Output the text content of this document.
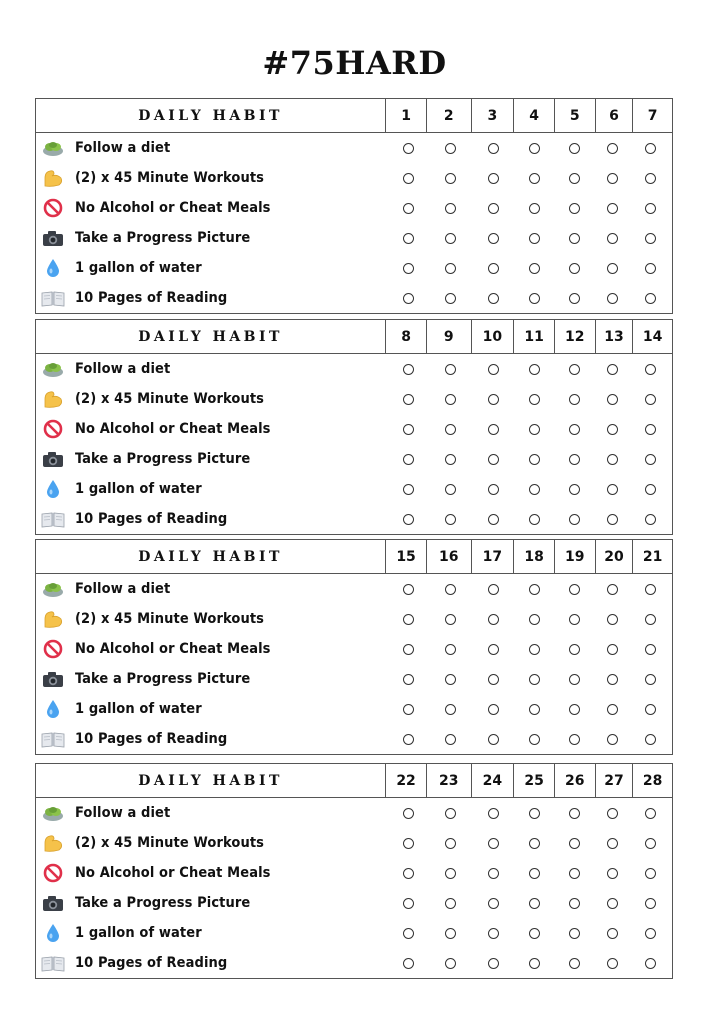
#75HARD
DAILY HABIT	1	2	3	4	5	6	7
Follow a diet
(2) x 45 Minute Workouts
No Alcohol or Cheat Meals
Take a Progress Picture
1 gallon of water
10 Pages of Reading
DAILY HABIT	8	9	10	11	12	13	14
Follow a diet
(2) x 45 Minute Workouts
No Alcohol or Cheat Meals
Take a Progress Picture
1 gallon of water
10 Pages of Reading
DAILY HABIT	15	16	17	18	19	20	21
Follow a diet
(2) x 45 Minute Workouts
No Alcohol or Cheat Meals
Take a Progress Picture
1 gallon of water
10 Pages of Reading
DAILY HABIT	22	23	24	25	26	27	28
Follow a diet
(2) x 45 Minute Workouts
No Alcohol or Cheat Meals
Take a Progress Picture
1 gallon of water
10 Pages of Reading
